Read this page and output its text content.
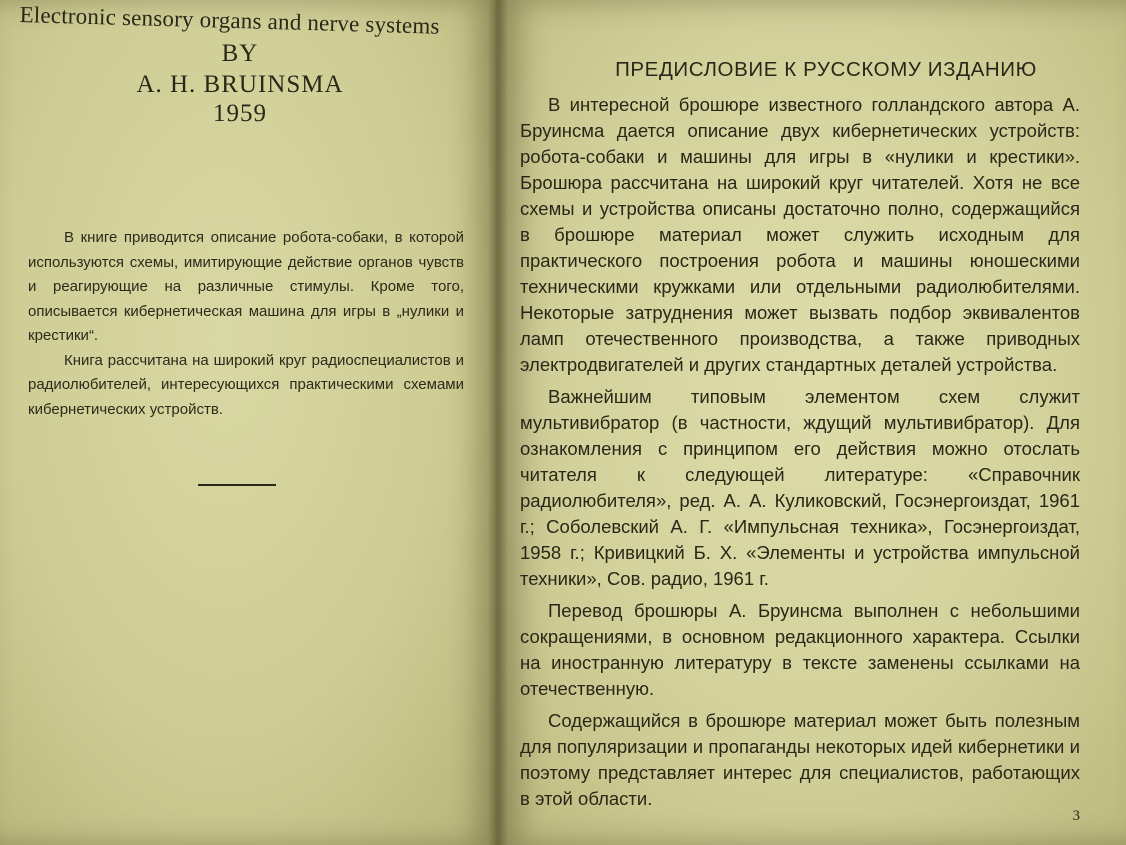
Electronic sensory organs and nerve systems
BY
A. H. BRUINSMA
1959

В книге приводится описание робота-собаки, в которой используются схемы, имитирующие действие органов чувств и реагирующие на различные стимулы. Кроме того, описывается кибернетическая машина для игры в „нулики и крестики“.

Книга рассчитана на широкий круг радиоспециалистов и радиолюбителей, интересующихся практическими схемами кибернетических устройств.

ПРЕДИСЛОВИЕ К РУССКОМУ ИЗДАНИЮ

В интересной брошюре известного голландского автора А. Бруинсма дается описание двух кибернетических устройств: робота-собаки и машины для игры в «нулики и крестики». Брошюра рассчитана на широкий круг читателей. Хотя не все схемы и устройства описаны достаточно полно, содержащийся в брошюре материал может служить исходным для практического построения робота и машины юношескими техническими кружками или отдельными радиолюбителями. Некоторые затруднения может вызвать подбор эквивалентов ламп отечественного производства, а также приводных электродвигателей и других стандартных деталей устройства.

Важнейшим типовым элементом схем служит мультивибратор (в частности, ждущий мультивибратор). Для ознакомления с принципом его действия можно отослать читателя к следующей литературе: «Справочник радиолюбителя», ред. А. А. Куликовский, Госэнергоиздат, 1961 г.; Соболевский А. Г. «Импульсная техника», Госэнергоиздат, 1958 г.; Кривицкий Б. Х. «Элементы и устройства импульсной техники», Сов. радио, 1961 г.

Перевод брошюры А. Бруинсма выполнен с небольшими сокращениями, в основном редакционного характера. Ссылки на иностранную литературу в тексте заменены ссылками на отечественную.

Содержащийся в брошюре материал может быть полезным для популяризации и пропаганды некоторых идей кибернетики и поэтому представляет интерес для специалистов, работающих в этой области.

3
